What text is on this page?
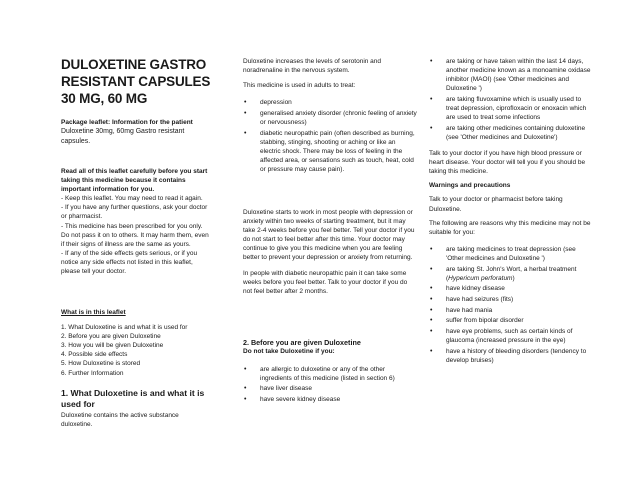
DULOXETINE GASTRO RESISTANT CAPSULES 30 MG, 60 MG

Package leaflet: Information for the patient

Duloxetine 30mg, 60mg Gastro resistant capsules.

Read all of this leaflet carefully before you start taking this medicine because it contains important information for you.

- Keep this leaflet. You may need to read it again.

- If you have any further questions, ask your doctor or pharmacist.

- This medicine has been prescribed for you only. Do not pass it on to others. It may harm them, even if their signs of illness are the same as yours.

- If any of the side effects gets serious, or if you notice any side effects not listed in this leaflet, please tell your doctor.

What is in this leaflet

1. What Duloxetine is and what it is used for

2. Before you are given Duloxetine

3. How you will be given Duloxetine

4. Possible side effects

5. How Duloxetine is stored

6. Further Information

1. What Duloxetine is and what it is used for

Duloxetine contains the active substance duloxetine.

Duloxetine increases the levels of serotonin and noradrenaline in the nervous system.

This medicine is used in adults to treat:

• depression
• generalised anxiety disorder (chronic feeling of anxiety or nervousness)
• diabetic neuropathic pain (often described as burning, stabbing, stinging, shooting or aching or like an electric shock. There may be loss of feeling in the affected area, or sensations such as touch, heat, cold or pressure may cause pain).

Duloxetine starts to work in most people with depression or anxiety within two weeks of starting treatment, but it may take 2-4 weeks before you feel better. Tell your doctor if you do not start to feel better after this time. Your doctor may continue to give you this medicine when you are feeling better to prevent your depression or anxiety from returning.

In people with diabetic neuropathic pain it can take some weeks before you feel better. Talk to your doctor if you do not feel better after 2 months.

2. Before you are given Duloxetine

Do not take Duloxetine if you:

• are allergic to duloxetine or any of the other ingredients of this medicine (listed in section 6)
• have liver disease
• have severe kidney disease
• are taking or have taken within the last 14 days, another medicine known as a monoamine oxidase inhibitor (MAOI) (see 'Other medicines and Duloxetine ')
• are taking fluvoxamine which is usually used to treat depression, ciprofloxacin or enoxacin which are used to treat some infections
• are taking other medicines containing duloxetine (see 'Other medicines and Duloxetine')

Talk to your doctor if you have high blood pressure or heart disease. Your doctor will tell you if you should be taking this medicine.

Warnings and precautions

Talk to your doctor or pharmacist before taking Duloxetine.

The following are reasons why this medicine may not be suitable for you:

• are taking medicines to treat depression (see 'Other medicines and Duloxetine ')
• are taking St. John's Wort, a herbal treatment (Hypericum perforatum)
• have kidney disease
• have had seizures (fits)
• have had mania
• suffer from bipolar disorder
• have eye problems, such as certain kinds of glaucoma (increased pressure in the eye)
• have a history of bleeding disorders (tendency to develop bruises)
